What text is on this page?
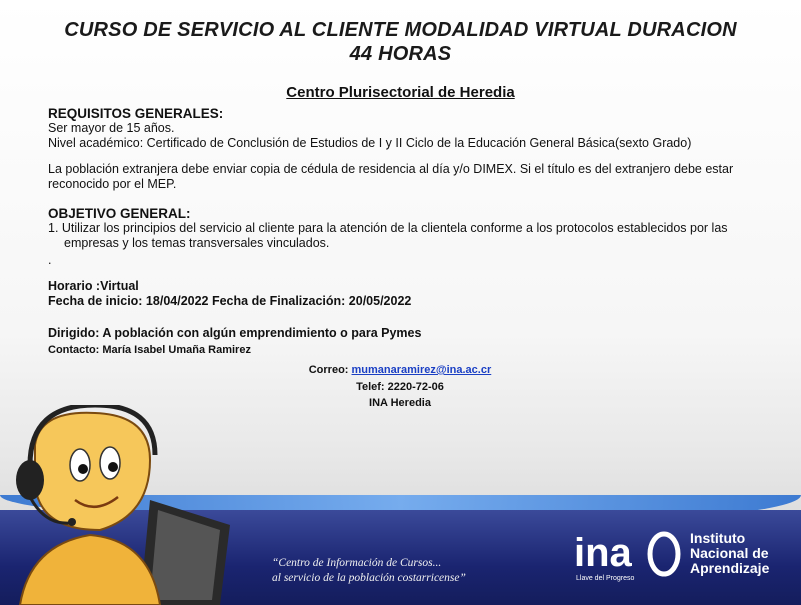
CURSO DE SERVICIO AL CLIENTE MODALIDAD VIRTUAL DURACION
44 HORAS
Centro Plurisectorial de Heredia
REQUISITOS GENERALES:

Ser mayor de 15 años.

Nivel académico: Certificado de Conclusión de Estudios de I y II Ciclo de la Educación General Básica(sexto Grado)

La población extranjera debe enviar copia de cédula de residencia al día y/o DIMEX. Si el título es del extranjero debe estar reconocido por el MEP.

OBJETIVO GENERAL:

1. Utilizar los principios del servicio al cliente para la atención de la clientela conforme a los protocolos establecidos por las empresas y los temas transversales vinculados.

.

Horario :Virtual

Fecha de inicio: 18/04/2022 Fecha de Finalización: 20/05/2022

Dirigido: A población con algún emprendimiento o para Pymes

Contacto: María Isabel Umaña Ramirez

Correo: mumanaramirez@ina.ac.cr
Telef: 2220-72-06
INA Heredia
“Centro de Información de Cursos...
al servicio de la población costarricense”
ina
Llave del Progreso
Instituto
Nacional de
Aprendizaje
